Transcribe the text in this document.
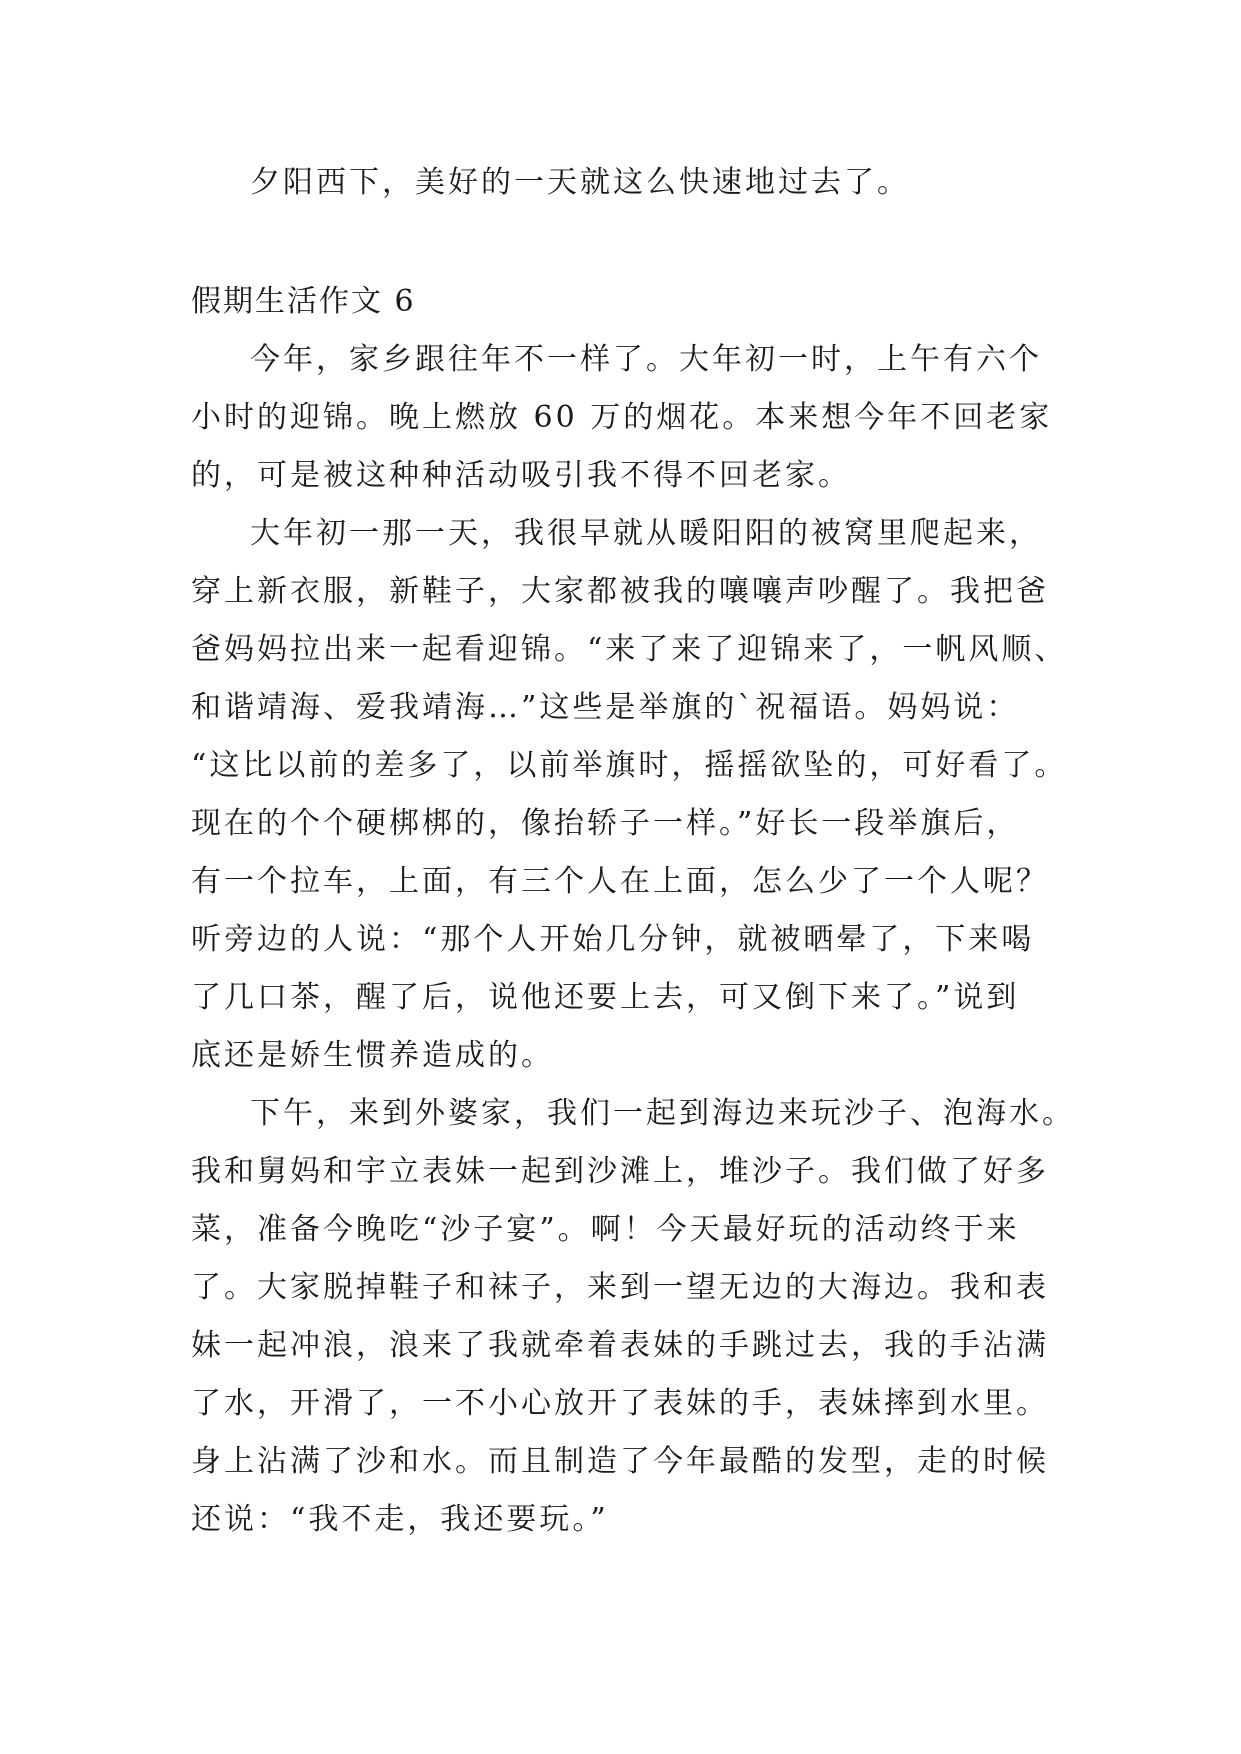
夕阳西下，美好的一天就这么快速地过去了。

假期生活作文 6

今年，家乡跟往年不一样了。大年初一时，上午有六个

小时的迎锦。晚上燃放 60 万的烟花。本来想今年不回老家

的，可是被这种种活动吸引我不得不回老家。

大年初一那一天，我很早就从暖阳阳的被窝里爬起来，

穿上新衣服，新鞋子，大家都被我的嚷嚷声吵醒了。我把爸

爸妈妈拉出来一起看迎锦。“来了来了迎锦来了，一帆风顺、

和谐靖海、爱我靖海…”这些是举旗的`祝福语。妈妈说：

“这比以前的差多了，以前举旗时，摇摇欲坠的，可好看了。

现在的个个硬梆梆的，像抬轿子一样。”好长一段举旗后，

有一个拉车，上面，有三个人在上面，怎么少了一个人呢？

听旁边的人说：“那个人开始几分钟，就被晒晕了，下来喝

了几口茶，醒了后，说他还要上去，可又倒下来了。”说到

底还是娇生惯养造成的。

下午，来到外婆家，我们一起到海边来玩沙子、泡海水。

我和舅妈和宇立表妹一起到沙滩上，堆沙子。我们做了好多

菜，准备今晚吃“沙子宴”。啊！今天最好玩的活动终于来

了。大家脱掉鞋子和袜子，来到一望无边的大海边。我和表

妹一起冲浪，浪来了我就牵着表妹的手跳过去，我的手沾满

了水，开滑了，一不小心放开了表妹的手，表妹摔到水里。

身上沾满了沙和水。而且制造了今年最酷的发型，走的时候

还说：“我不走，我还要玩。”
